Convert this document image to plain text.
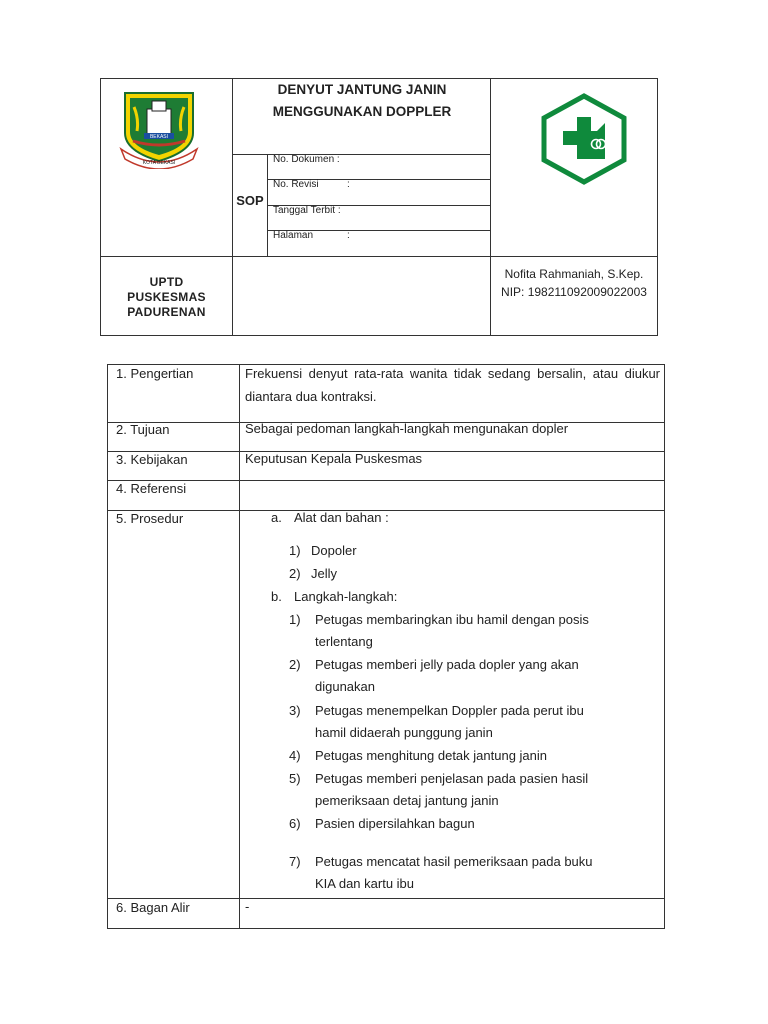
BEKASI
KOTA BEKASI
DENYUT JANTUNG JANIN
MENGGUNAKAN DOPPLER
SOP
No. Dokumen :
No. Revisi	:
Tanggal Terbit :
Halaman	:
UPTD
PUSKESMAS
PADURENAN
Nofita Rahmaniah, S.Kep.
NIP: 198211092009022003
1. Pengertian	Frekuensi denyut rata-rata wanita tidak sedang bersalin, atau diukur diantara dua kontraksi.
2. Tujuan	Sebagai pedoman langkah-langkah mengunakan dopler
3. Kebijakan	Keputusan Kepala Puskesmas
4. Referensi
5. Prosedur	a. Alat dan bahan :
1) Dopoler
2) Jelly
b. Langkah-langkah:
1) Petugas membaringkan ibu hamil dengan posis
terlentang
2) Petugas memberi jelly pada dopler yang akan
digunakan
3) Petugas menempelkan Doppler pada perut ibu
hamil didaerah punggung janin
4) Petugas menghitung detak jantung janin
5) Petugas memberi penjelasan pada pasien hasil
pemeriksaan detaj jantung janin
6) Pasien dipersilahkan bagun
7) Petugas mencatat hasil pemeriksaan pada buku
KIA dan kartu ibu
6. Bagan Alir	-
